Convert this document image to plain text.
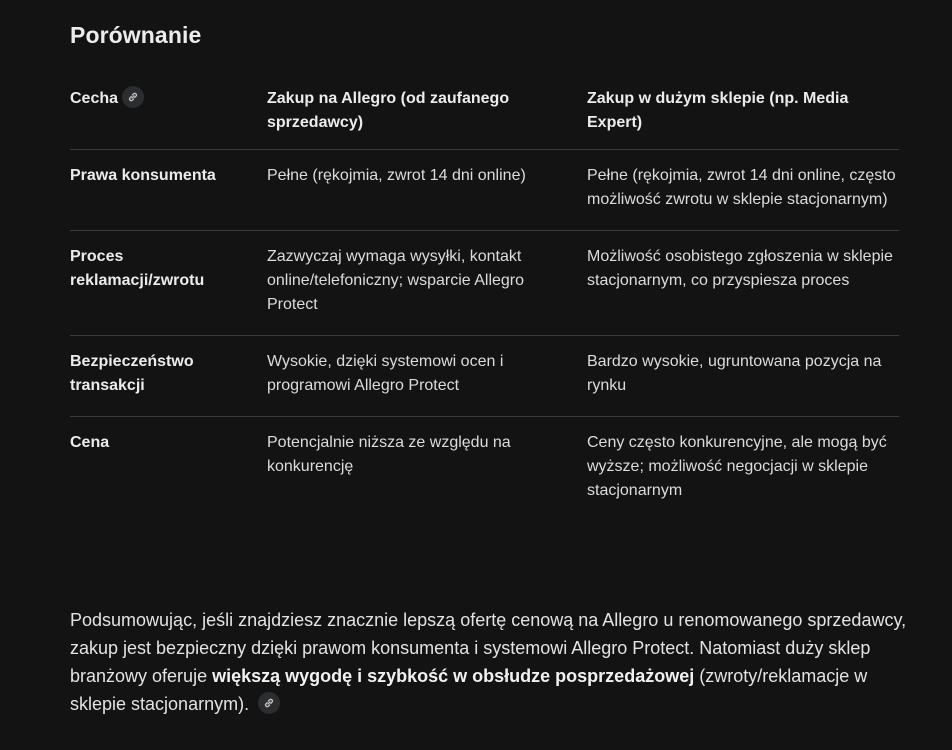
Porównanie
Cecha	Zakup na Allegro (od zaufanego sprzedawcy)	Zakup w dużym sklepie (np. Media Expert)
Prawa konsumenta	Pełne (rękojmia, zwrot 14 dni online)	Pełne (rękojmia, zwrot 14 dni online, często możliwość zwrotu w sklepie stacjonarnym)
Proces reklamacji/zwrotu	Zazwyczaj wymaga wysyłki, kontakt online/telefoniczny; wsparcie Allegro Protect	Możliwość osobistego zgłoszenia w sklepie stacjonarnym, co przyspiesza proces
Bezpieczeństwo transakcji	Wysokie, dzięki systemowi ocen i programowi Allegro Protect	Bardzo wysokie, ugruntowana pozycja na rynku
Cena	Potencjalnie niższa ze względu na konkurencję	Ceny często konkurencyjne, ale mogą być wyższe; możliwość negocjacji w sklepie stacjonarnym
Podsumowując, jeśli znajdziesz znacznie lepszą ofertę cenową na Allegro u renomowanego sprzedawcy, zakup jest bezpieczny dzięki prawom konsumenta i systemowi Allegro Protect. Natomiast duży sklep branżowy oferuje większą wygodę i szybkość w obsłudze posprzedażowej (zwroty/reklamacje w sklepie stacjonarnym).
